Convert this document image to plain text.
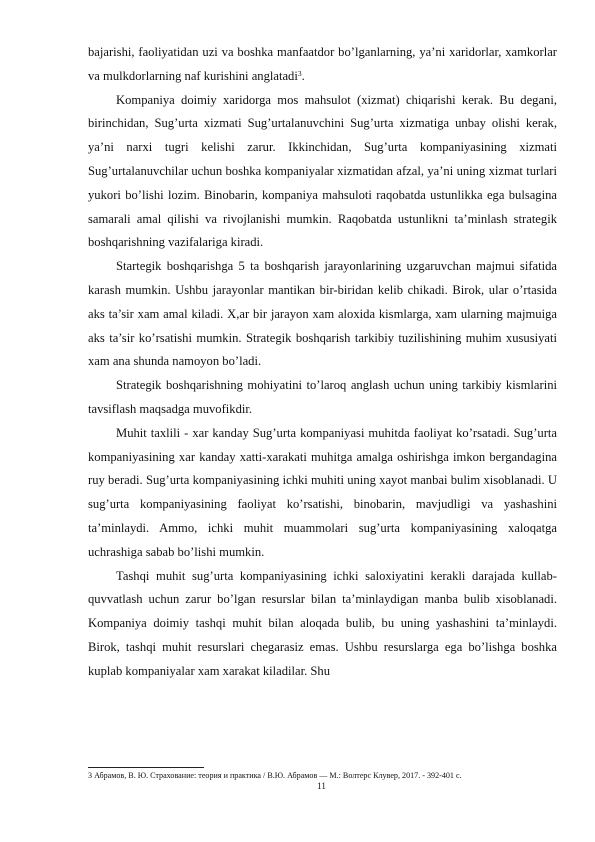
bajarishi, faoliyatidan uzi va boshka manfaatdor bo’lganlarning, ya’ni xaridorlar, xamkorlar va mulkdorlarning naf kurishini anglatadi$^3$.

Kompaniya doimiy xaridorga mos mahsulot (xizmat) chiqarishi kerak. Bu degani, birinchidan, Sug’urta xizmati Sug’urtalanuvchini Sug’urta xizmatiga unbay olishi kerak, ya’ni narxi tugri kelishi zarur. Ikkinchidan, Sug’urta kompaniyasining xizmati Sug’urtalanuvchilar uchun boshka kompaniyalar xizmatidan afzal, ya’ni uning xizmat turlari yukori bo’lishi lozim. Binobarin, kompaniya mahsuloti raqobatda ustunlikka ega bulsagina samarali amal qilishi va rivojlanishi mumkin. Raqobatda ustunlikni ta’minlash strategik boshqarishning vazifalariga kiradi.

Startegik boshqarishga 5 ta boshqarish jarayonlarining uzgaruvchan majmui sifatida karash mumkin. Ushbu jarayonlar mantikan bir-biridan kelib chikadi. Birok, ular o’rtasida aks ta’sir xam amal kiladi. X,ar bir jarayon xam aloxida kismlarga, xam ularning majmuiga aks ta’sir ko’rsatishi mumkin. Strategik boshqarish tarkibiy tuzilishining muhim xususiyati xam ana shunda namoyon bo’ladi.

Strategik boshqarishning mohiyatini to’laroq anglash uchun uning tarkibiy kismlarini tavsiflash maqsadga muvofikdir.

Muhit taxlili - xar kanday Sug’urta kompaniyasi muhitda faoliyat ko’rsatadi. Sug’urta kompaniyasining xar kanday xatti-xarakati muhitga amalga oshirishga imkon bergandagina ruy beradi. Sug’urta kompaniyasining ichki muhiti uning xayot manbai bulim xisoblanadi. U sug’urta kompaniyasining faoliyat ko’rsatishi, binobarin, mavjudligi va yashashini ta’minlaydi. Ammo, ichki muhit muammolari sug’urta kompaniyasining xaloqatga uchrashiga sabab bo’lishi mumkin.

Tashqi muhit sug’urta kompaniyasining ichki saloxiyatini kerakli darajada kullab-quvvatlash uchun zarur bo’lgan resurslar bilan ta’minlaydigan manba bulib xisoblanadi. Kompaniya doimiy tashqi muhit bilan aloqada bulib, bu uning yashashini ta’minlaydi. Birok, tashqi muhit resurslari chegarasiz emas. Ushbu resurslarga ega bo’lishga boshka kuplab kompaniyalar xam xarakat kiladilar. Shu

3 Абрамов, В. Ю. Страхование: теория и практика / В.Ю. Абрамов — М.: Волтерс Клувер, 2017. - 392-401 с.
11
